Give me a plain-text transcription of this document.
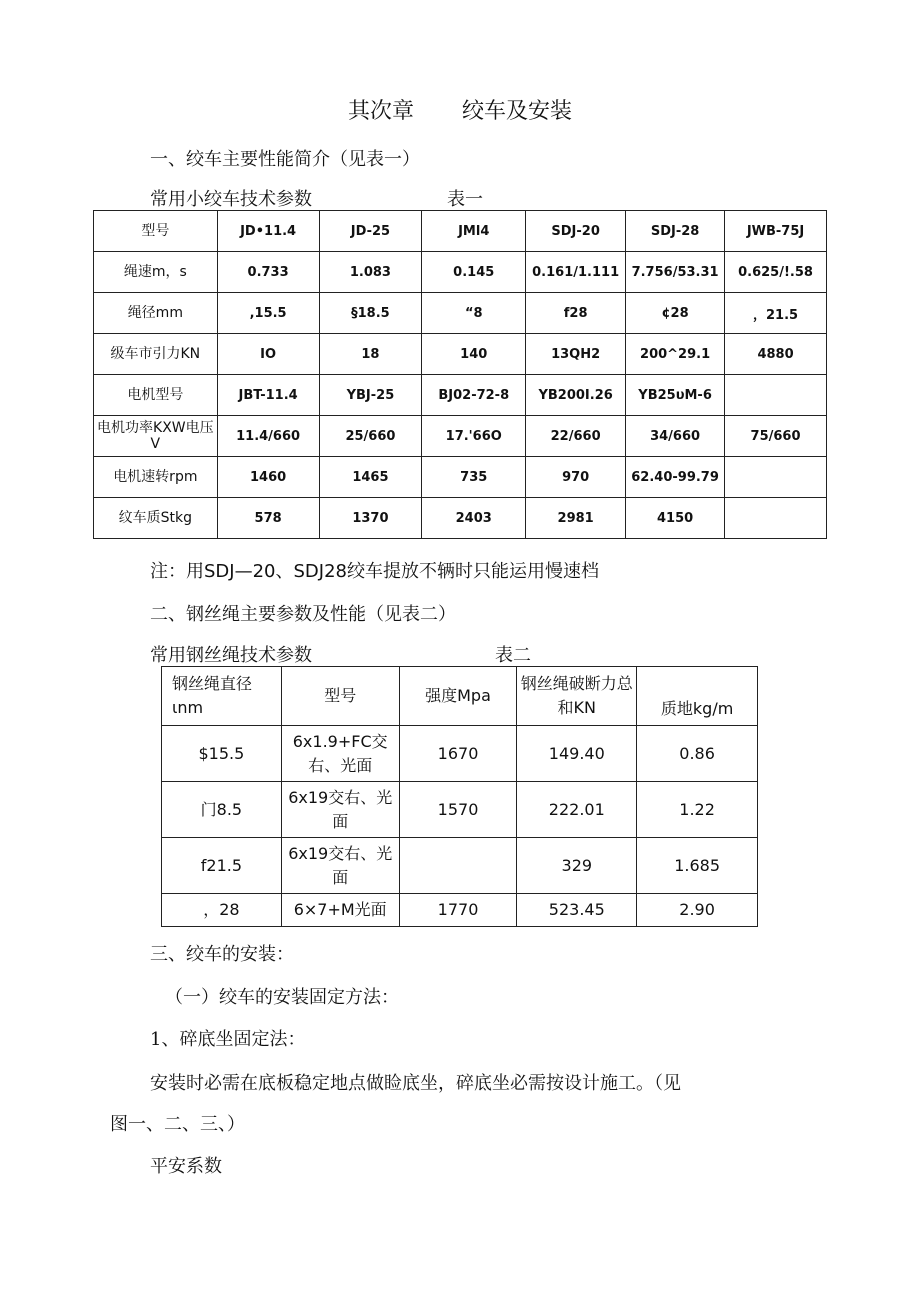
其次章 绞车及安装
一、绞车主要性能简介（见表一）
常用小绞车技术参数	表一
型号	JD•11.4	JD-25	JMl4	SDJ-20	SDJ-28	JWB-75J
绳速m，s	0.733	1.083	0.145	0.161/1.111	7.756/53.31	0.625/!.58
绳径mm	,15.5	§18.5	“8	f28	¢28	，21.5
级车市引力KN	IO	18	140	13QH2	200^29.1	4880
电机型号	JBT-11.4	YBJ-25	BJ02-72-8	YB200I.26	YB25υM-6	
电机功率KXW电压V	11.4/660	25/660	17.'66O	22/660	34/660	75/660
电机速转rpm	1460	1465	735	970	62.40-99.79	
纹车质Stkg	578	1370	2403	2981	4150	
注：用SDJ—20、SDJ28绞车提放不辆时只能运用慢速档
二、钢丝绳主要参数及性能（见表二）
常用钢丝绳技术参数	表二
钢丝绳直径ιnm	型号	强度Mpa	钢丝绳破断力总和KN	质地kg/m
$15.5	6x1.9+FC交右、光面	1670	149.40	0.86
门8.5	6x19交右、光面	1570	222.01	1.22
f21.5	6x19交右、光面		329	1.685
，28	6×7+M光面	1770	523.45	2.90
三、绞车的安装：
（一）绞车的安装固定方法：
1、碎底坐固定法：
安装时必需在底板稳定地点做睑底坐，碎底坐必需按设计施工。（见
图一、二、三、）
平安系数
